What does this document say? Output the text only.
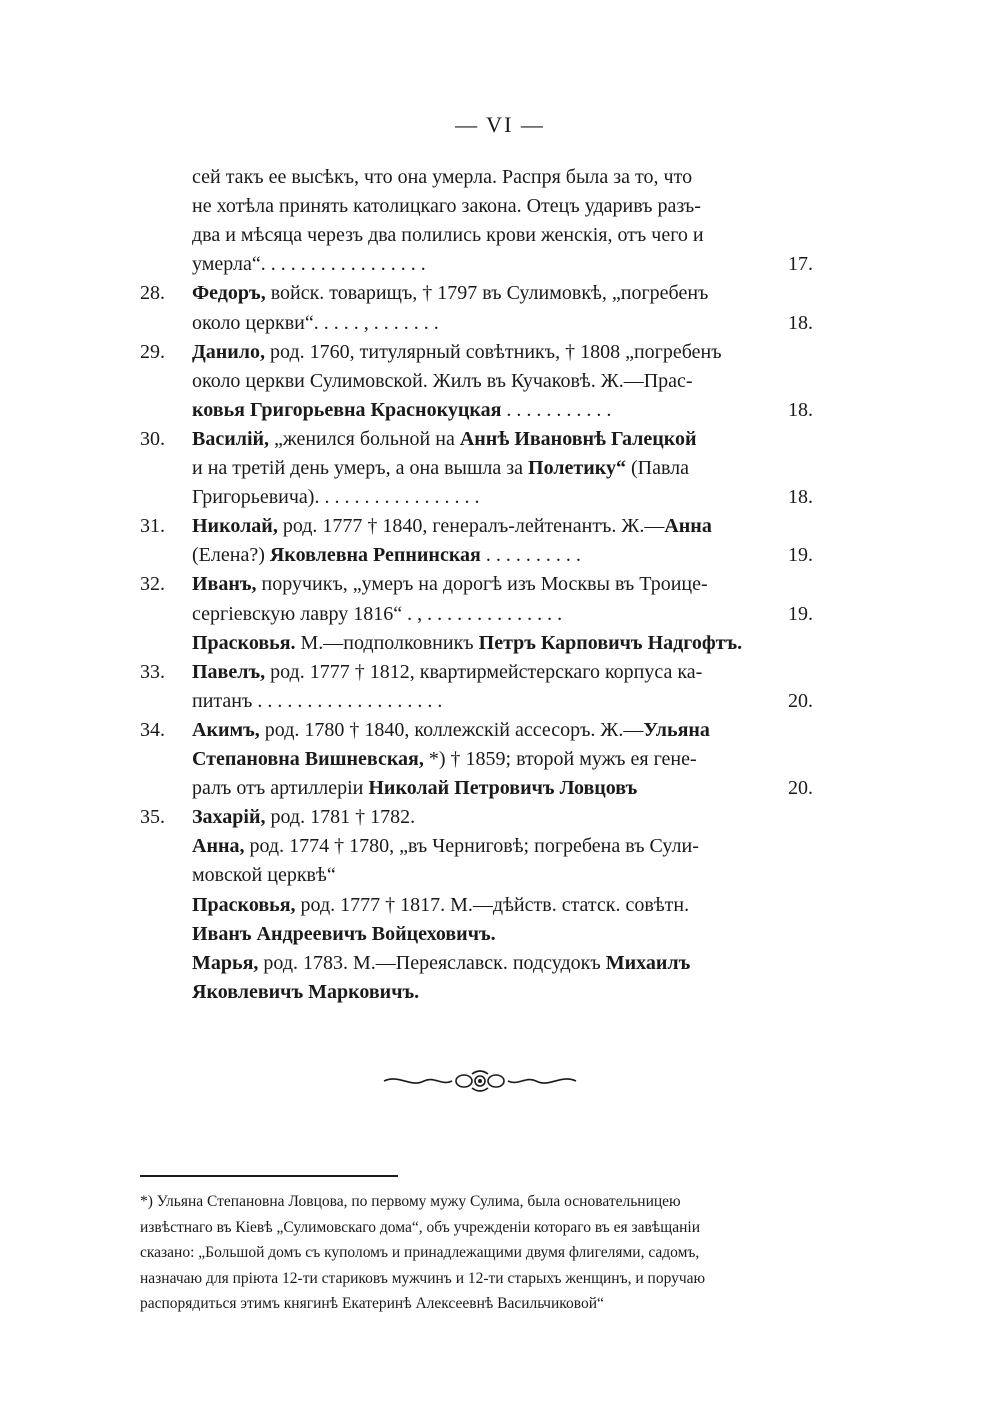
— VI —
сей такъ ее высѣкъ, что она умерла. Распря была за то, что
не хотѣла принять католицкаго закона. Отецъ ударивъ разъ-
два и мѣсяца черезъ два полились крови женскія, отъ чего и
умерла“. . . . . . . . . . . . . . . . .	17.
28. Федоръ, войск. товарищъ, † 1797 въ Сулимовкѣ, „погребенъ
около церкви“. . . . . , . . . . . . .	18.
29. Данило, род. 1760, титулярный совѣтникъ, † 1808 „погребенъ
около церкви Сулимовской. Жилъ въ Кучаковѣ. Ж.—Прас-
ковья Григорьевна Краснокуцкая . . . . . . . . . . .	18.
30. Василій, „женился больной на Аннѣ Ивановнѣ Галецкой
и на третій день умеръ, а она вышла за Полетику“ (Павла
Григорьевича). . . . . . . . . . . . . . . . .	18.
31. Николай, род. 1777 † 1840, генералъ-лейтенантъ. Ж.—Анна
(Елена?) Яковлевна Репнинская . . . . . . . . . .	19.
32. Иванъ, поручикъ, „умеръ на дорогѣ изъ Москвы въ Троице-
сергіевскую лавру 1816“ . , . . . . . . . . . . . . . .	19.
Прасковья. М.—подполковникъ Петръ Карповичъ Надгофтъ.
33. Павелъ, род. 1777 † 1812, квартирмейстерскаго корпуса ка-
питанъ . . . . . . . . . . . . . . . . . . .	20.
34. Акимъ, род. 1780 † 1840, коллежскій ассесоръ. Ж.—Ульяна
Степановна Вишневская, *) † 1859; второй мужъ ея гене-
ралъ отъ артиллеріи Николай Петровичъ Ловцовъ	20.
35. Захарій, род. 1781 † 1782.
Анна, род. 1774 † 1780, „въ Черниговѣ; погребена въ Сули-
мовской церквѣ“
Прасковья, род. 1777 † 1817. М.—дѣйств. статск. совѣтн.
Иванъ Андреевичъ Войцеховичъ.
Марья, род. 1783. М.—Переяславск. подсудокъ Михаилъ
Яковлевичъ Марковичъ.
*) Ульяна Степановна Ловцова, по первому мужу Сулима, была основательницею
извѣстнаго въ Кіевѣ „Сулимовскаго дома“, объ учрежденіи котораго въ ея завѣщаніи
сказано: „Большой домъ съ куполомъ и принадлежащими двумя флигелями, садомъ,
назначаю для пріюта 12-ти стариковъ мужчинъ и 12-ти старыхъ женщинъ, и поручаю
распорядиться этимъ княгинѣ Екатеринѣ Алексеевнѣ Васильчиковой“
